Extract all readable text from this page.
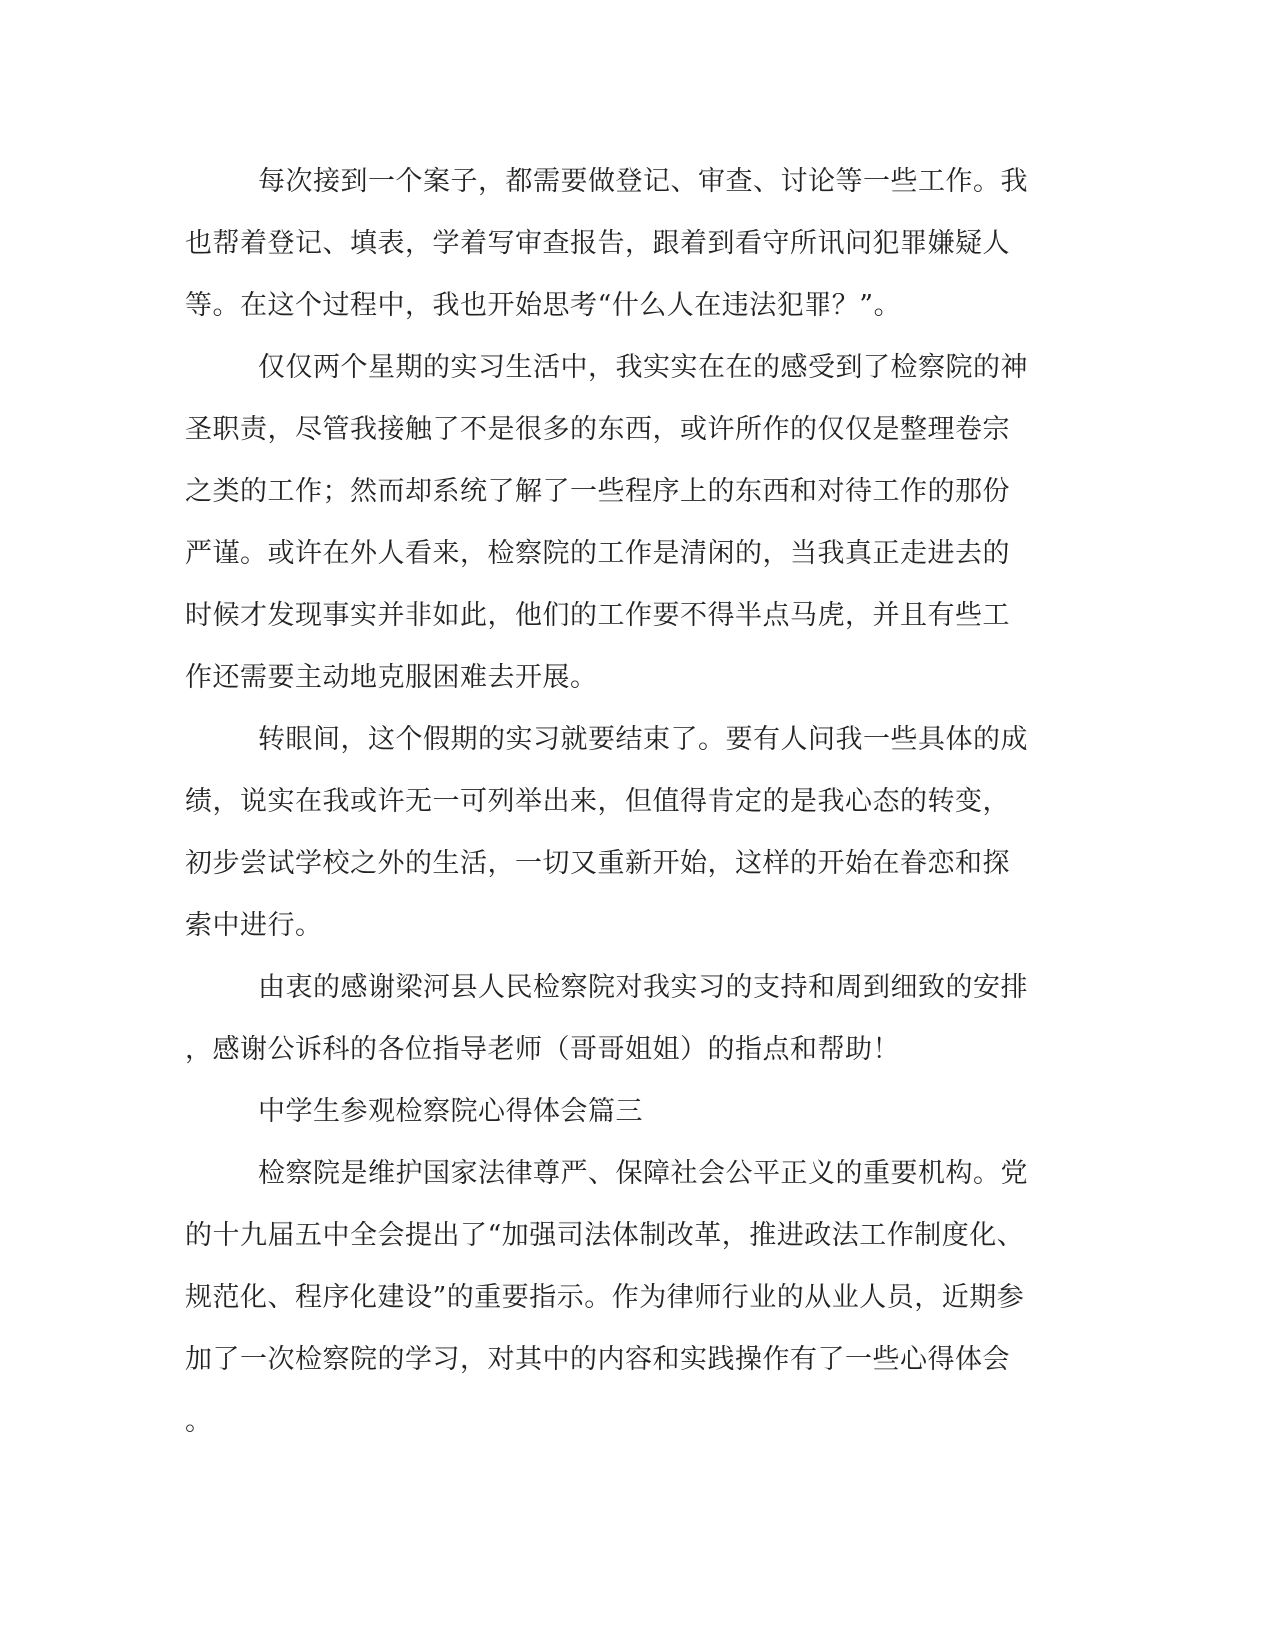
每次接到一个案子，都需要做登记、审查、讨论等一些工作。我
也帮着登记、填表，学着写审查报告，跟着到看守所讯问犯罪嫌疑人
等。在这个过程中，我也开始思考“什么人在违法犯罪？”。
仅仅两个星期的实习生活中，我实实在在的感受到了检察院的神
圣职责，尽管我接触了不是很多的东西，或许所作的仅仅是整理卷宗
之类的工作；然而却系统了解了一些程序上的东西和对待工作的那份
严谨。或许在外人看来，检察院的工作是清闲的，当我真正走进去的
时候才发现事实并非如此，他们的工作要不得半点马虎，并且有些工
作还需要主动地克服困难去开展。
转眼间，这个假期的实习就要结束了。要有人问我一些具体的成
绩，说实在我或许无一可列举出来，但值得肯定的是我心态的转变，
初步尝试学校之外的生活，一切又重新开始，这样的开始在眷恋和探
索中进行。
由衷的感谢梁河县人民检察院对我实习的支持和周到细致的安排
，感谢公诉科的各位指导老师（哥哥姐姐）的指点和帮助！
中学生参观检察院心得体会篇三
检察院是维护国家法律尊严、保障社会公平正义的重要机构。党
的十九届五中全会提出了“加强司法体制改革，推进政法工作制度化、
规范化、程序化建设”的重要指示。作为律师行业的从业人员，近期参
加了一次检察院的学习，对其中的内容和实践操作有了一些心得体会
。
